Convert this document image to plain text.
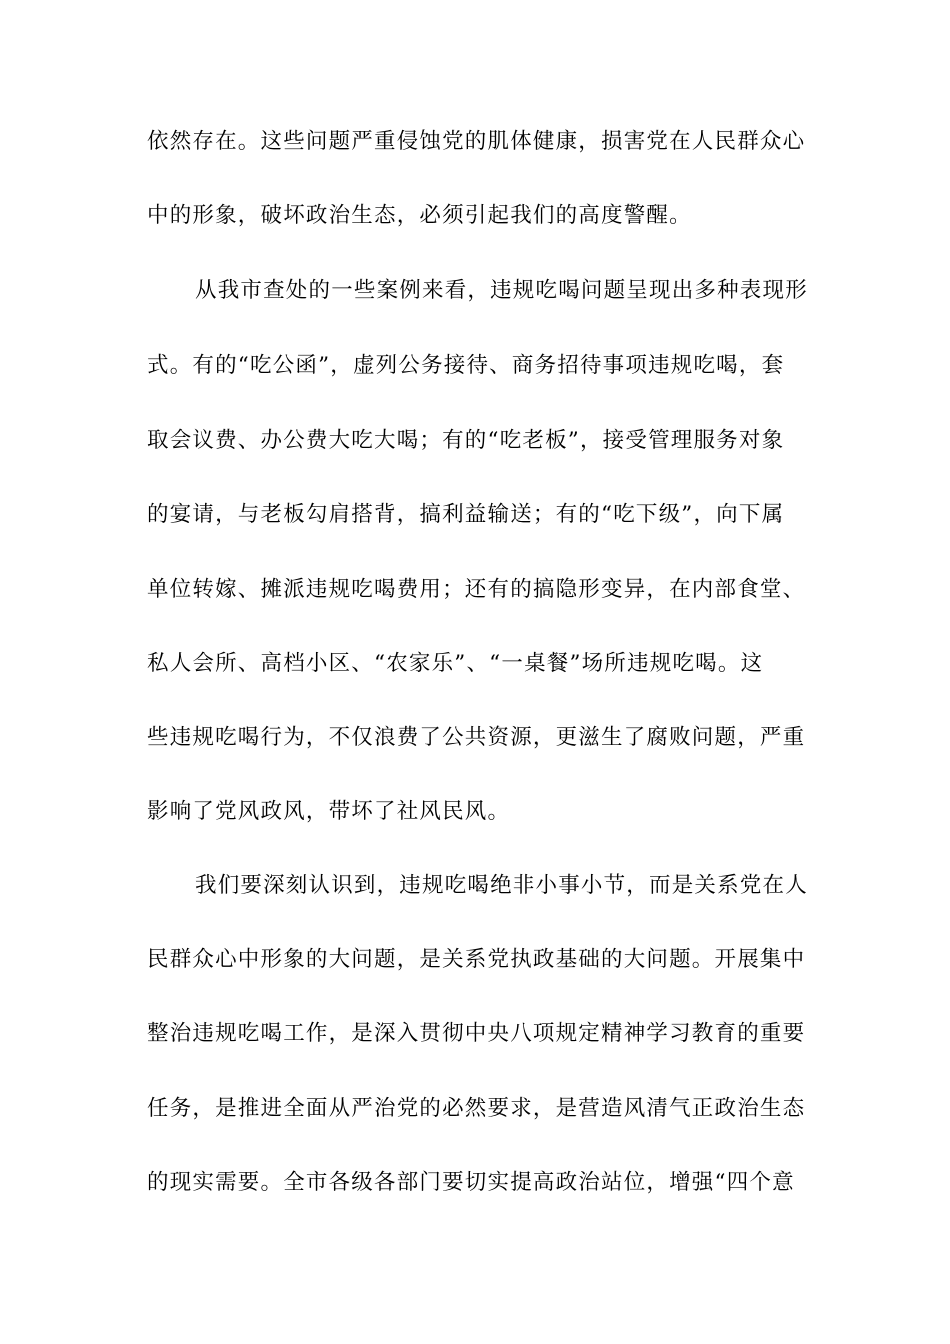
依然存在。这些问题严重侵蚀党的肌体健康，损害党在人民群众心
中的形象，破坏政治生态，必须引起我们的高度警醒。
从我市查处的一些案例来看，违规吃喝问题呈现出多种表现形
式。有的“吃公函”，虚列公务接待、商务招待事项违规吃喝，套
取会议费、办公费大吃大喝；有的“吃老板”，接受管理服务对象
的宴请，与老板勾肩搭背，搞利益输送；有的“吃下级”，向下属
单位转嫁、摊派违规吃喝费用；还有的搞隐形变异，在内部食堂、
私人会所、高档小区、“农家乐”、“一桌餐”场所违规吃喝。这
些违规吃喝行为，不仅浪费了公共资源，更滋生了腐败问题，严重
影响了党风政风，带坏了社风民风。
我们要深刻认识到，违规吃喝绝非小事小节，而是关系党在人
民群众心中形象的大问题，是关系党执政基础的大问题。开展集中
整治违规吃喝工作，是深入贯彻中央八项规定精神学习教育的重要
任务，是推进全面从严治党的必然要求，是营造风清气正政治生态
的现实需要。全市各级各部门要切实提高政治站位，增强“四个意
